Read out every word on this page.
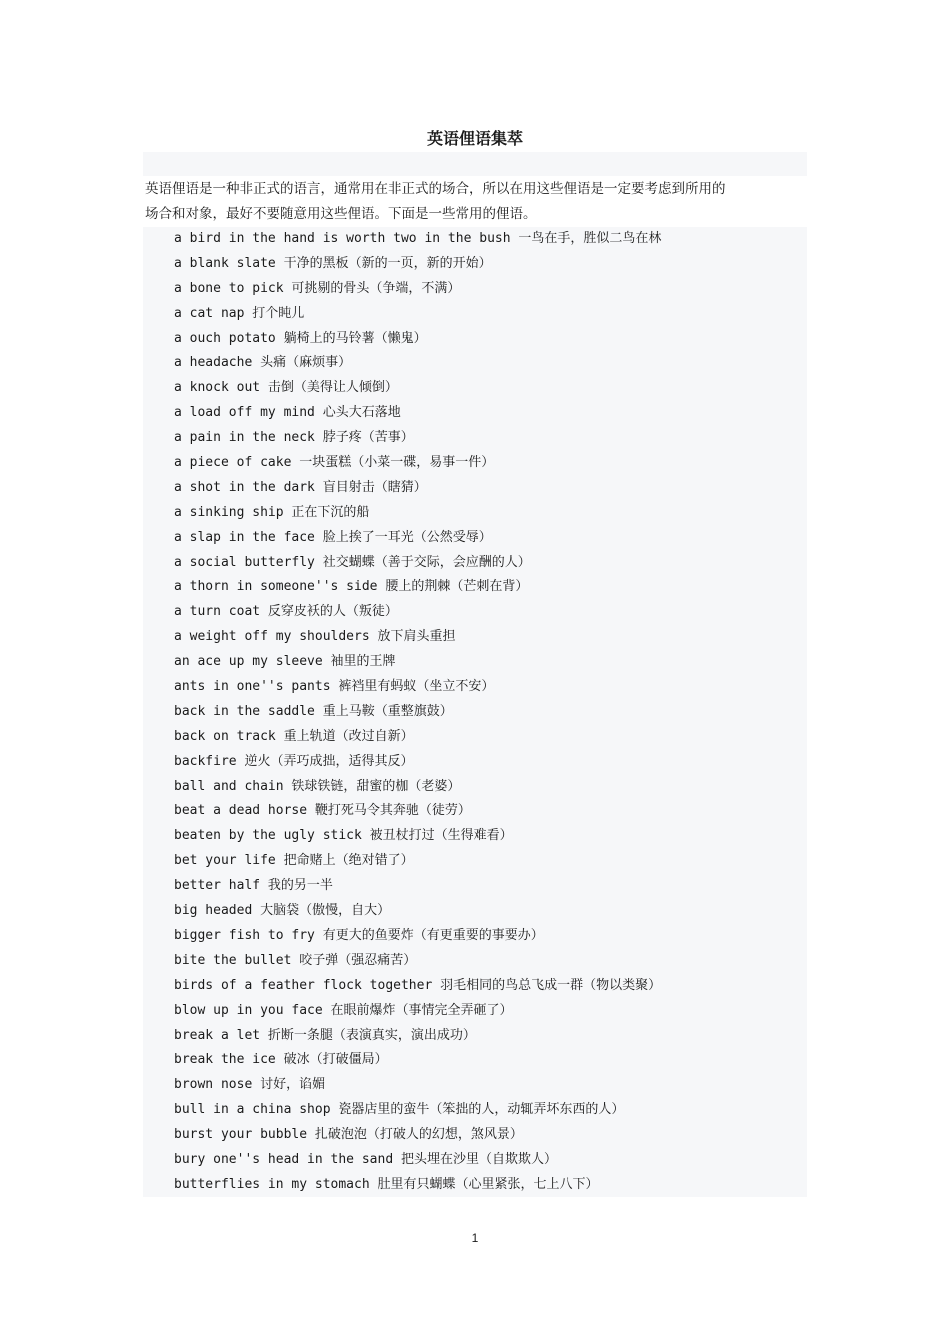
英语俚语集萃

英语俚语是一种非正式的语言，通常用在非正式的场合，所以在用这些俚语是一定要考虑到所用的

场合和对象，最好不要随意用这些俚语。下面是一些常用的俚语。

a bird in the hand is worth two in the bush 一鸟在手，胜似二鸟在林
a blank slate 干净的黑板（新的一页，新的开始）
a bone to pick 可挑剔的骨头（争端，不满）
a cat nap 打个盹儿
a ouch potato 躺椅上的马铃薯（懒鬼）
a headache 头痛（麻烦事）
a knock out 击倒（美得让人倾倒）
a load off my mind 心头大石落地
a pain in the neck 脖子疼（苦事）
a piece of cake 一块蛋糕（小菜一碟，易事一件）
a shot in the dark 盲目射击（瞎猜）
a sinking ship 正在下沉的船
a slap in the face 脸上挨了一耳光（公然受辱）
a social butterfly 社交蝴蝶（善于交际，会应酬的人）
a thorn in someone''s side 腰上的荆棘（芒刺在背）
a turn coat 反穿皮袄的人（叛徒）
a weight off my shoulders 放下肩头重担
an ace up my sleeve 袖里的王牌
ants in one''s pants 裤裆里有蚂蚁（坐立不安）
back in the saddle 重上马鞍（重整旗鼓）
back on track 重上轨道（改过自新）
backfire 逆火（弄巧成拙，适得其反）
ball and chain 铁球铁链，甜蜜的枷（老婆）
beat a dead horse 鞭打死马令其奔驰（徒劳）
beaten by the ugly stick 被丑杖打过（生得难看）
bet your life 把命赌上（绝对错了）
better half 我的另一半
big headed 大脑袋（傲慢，自大）
bigger fish to fry 有更大的鱼要炸（有更重要的事要办）
bite the bullet 咬子弹（强忍痛苦）
birds of a feather flock together 羽毛相同的鸟总飞成一群（物以类聚）
blow up in you face 在眼前爆炸（事情完全弄砸了）
break a let 折断一条腿（表演真实，演出成功）
break the ice 破冰（打破僵局）
brown nose 讨好，谄媚
bull in a china shop 瓷器店里的蛮牛（笨拙的人，动辄弄坏东西的人）
burst your bubble 扎破泡泡（打破人的幻想，煞风景）
bury one''s head in the sand 把头埋在沙里（自欺欺人）
butterflies in my stomach 肚里有只蝴蝶（心里紧张，七上八下）
1
